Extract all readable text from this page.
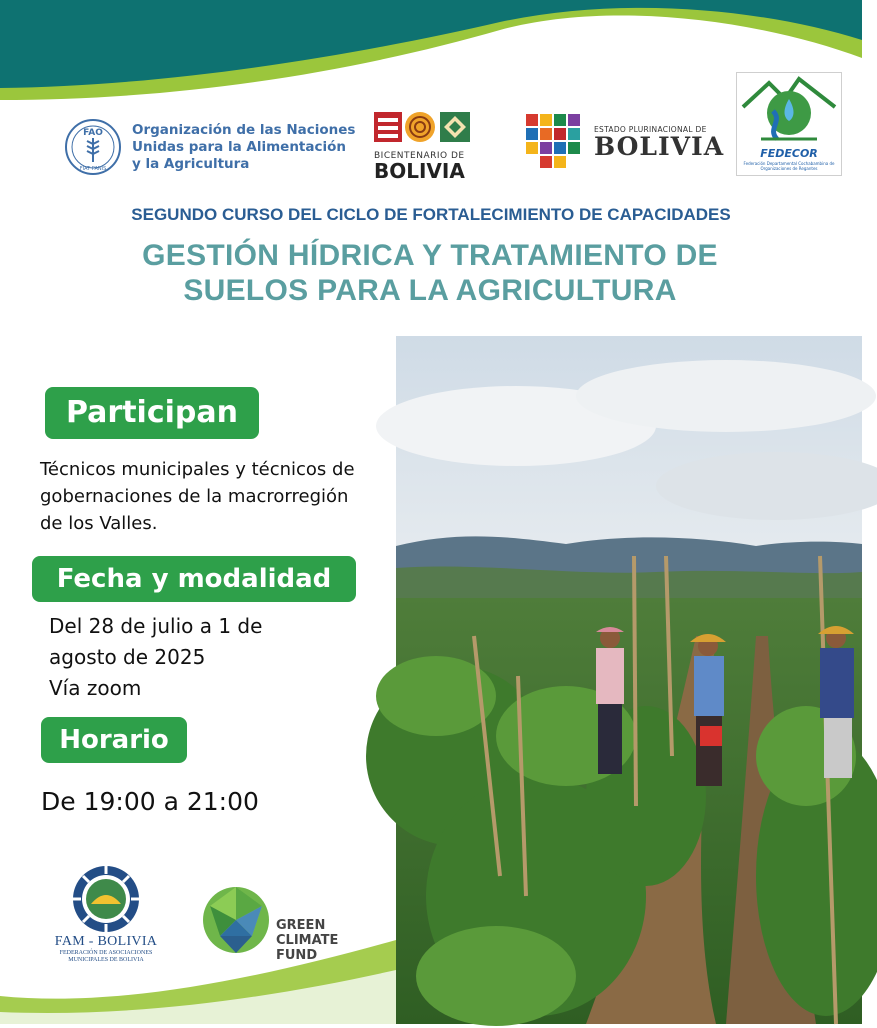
FAO
FIAT PANIS
Organización de las Naciones
Unidas para la Alimentación
y la Agricultura	BICENTENARIO DE
BOLIVIA
ESTADO PLURINACIONAL DE
BOLIVIA	FEDECOR
Federación Departamental Cochabambina de Organizaciones de Regantes
SEGUNDO CURSO DEL CICLO DE FORTALECIMIENTO DE CAPACIDADES
GESTIÓN HÍDRICA Y TRATAMIENTO DE
SUELOS PARA LA AGRICULTURA
Participan
Técnicos municipales y técnicos de gobernaciones de la macrorregión de los Valles.
Fecha y modalidad
Del 28 de julio a 1 de
agosto de 2025
Vía zoom
Horario
De 19:00 a 21:00
FAM - BOLIVIA
FEDERACIÓN DE ASOCIACIONES
MUNICIPALES DE BOLIVIA
GREEN
CLIMATE
FUND
